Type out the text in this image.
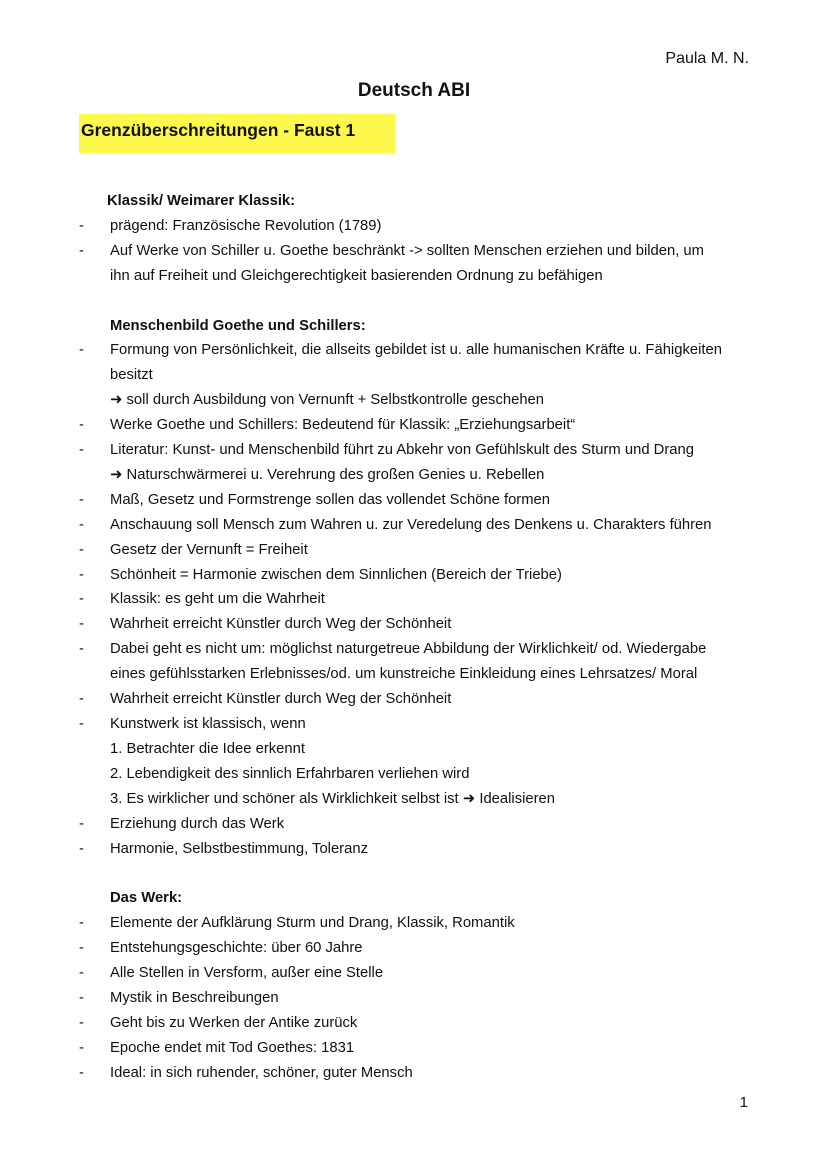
Paula M. N.
Deutsch ABI
Grenzüberschreitungen - Faust 1
Klassik/ Weimarer Klassik:
- prägend: Französische Revolution (1789)
- Auf Werke von Schiller u. Goethe beschränkt -> sollten Menschen erziehen und bilden, um
ihn auf Freiheit und Gleichgerechtigkeit basierenden Ordnung zu befähigen
Menschenbild Goethe und Schillers:
- Formung von Persönlichkeit, die allseits gebildet ist u. alle humanischen Kräfte u. Fähigkeiten
besitzt
➜ soll durch Ausbildung von Vernunft + Selbstkontrolle geschehen
- Werke Goethe und Schillers: Bedeutend für Klassik: „Erziehungsarbeit“
- Literatur: Kunst- und Menschenbild führt zu Abkehr von Gefühlskult des Sturm und Drang
➜ Naturschwärmerei u. Verehrung des großen Genies u. Rebellen
- Maß, Gesetz und Formstrenge sollen das vollendet Schöne formen
- Anschauung soll Mensch zum Wahren u. zur Veredelung des Denkens u. Charakters führen
- Gesetz der Vernunft = Freiheit
- Schönheit = Harmonie zwischen dem Sinnlichen (Bereich der Triebe)
- Klassik: es geht um die Wahrheit
- Wahrheit erreicht Künstler durch Weg der Schönheit
- Dabei geht es nicht um: möglichst naturgetreue Abbildung der Wirklichkeit/ od. Wiedergabe
eines gefühlsstarken Erlebnisses/od. um kunstreiche Einkleidung eines Lehrsatzes/ Moral
- Wahrheit erreicht Künstler durch Weg der Schönheit
- Kunstwerk ist klassisch, wenn
1. Betrachter die Idee erkennt
2. Lebendigkeit des sinnlich Erfahrbaren verliehen wird
3. Es wirklicher und schöner als Wirklichkeit selbst ist ➜ Idealisieren
- Erziehung durch das Werk
- Harmonie, Selbstbestimmung, Toleranz
Das Werk:
- Elemente der Aufklärung Sturm und Drang, Klassik, Romantik
- Entstehungsgeschichte: über 60 Jahre
- Alle Stellen in Versform, außer eine Stelle
- Mystik in Beschreibungen
- Geht bis zu Werken der Antike zurück
- Epoche endet mit Tod Goethes: 1831
- Ideal: in sich ruhender, schöner, guter Mensch
1
